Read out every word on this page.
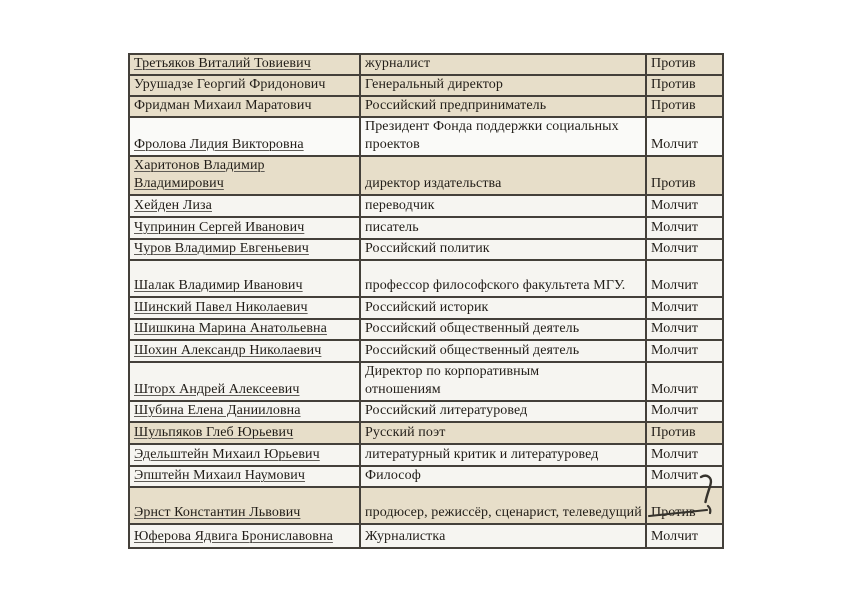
Третьяков Виталий Товиевич	журналист	Против
Урушадзе Георгий Фридонович	Генеральный директор	Против
Фридман Михаил Маратович	Российский предприниматель	Против
Фролова Лидия Викторовна	Президент Фонда поддержки социальных проектов	Молчит
Харитонов Владимир Владимирович	директор издательства	Против
Хейден Лиза	переводчик	Молчит
Чупринин Сергей Иванович	писатель	Молчит
Чуров Владимир Евгеньевич	Российский политик	Молчит
Шалак Владимир Иванович	профессор философского факультета МГУ.	Молчит
Шинский Павел Николаевич	Российский историк	Молчит
Шишкина Марина Анатольевна	Российский общественный деятель	Молчит
Шохин Александр Николаевич	Российский общественный деятель	Молчит
Шторх Андрей Алексеевич	Директор по корпоративным отношениям	Молчит
Шубина Елена Данииловна	Российский литературовед	Молчит
Шульпяков Глеб Юрьевич	Русский поэт	Против
Эдельштейн Михаил Юрьевич	литературный критик и литературовед	Молчит
Эпштейн Михаил Наумович	Философ	Молчит
Эрнст Константин Львович	продюсер, режиссёр, сценарист, телеведущий	Против
Юферова Ядвига Брониславовна	Журналистка	Молчит
